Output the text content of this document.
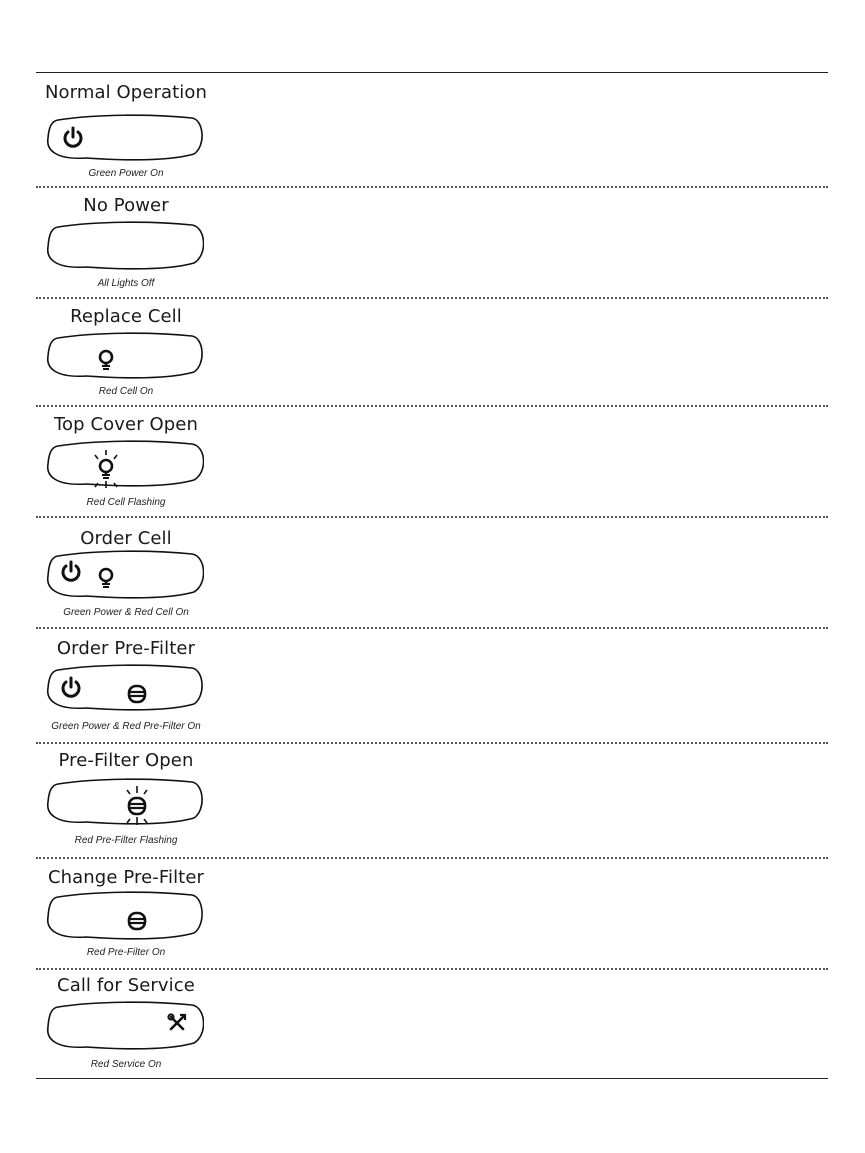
Normal Operation
Green Power On
No Power
All Lights Off
Replace Cell
Red Cell On
Top Cover Open
Red Cell Flashing
Order Cell
Green Power & Red Cell On
Order Pre-Filter
Green Power & Red Pre-Filter On
Pre-Filter Open
Red Pre-Filter Flashing
Change Pre-Filter
Red Pre-Filter On
Call for Service
Red Service On
